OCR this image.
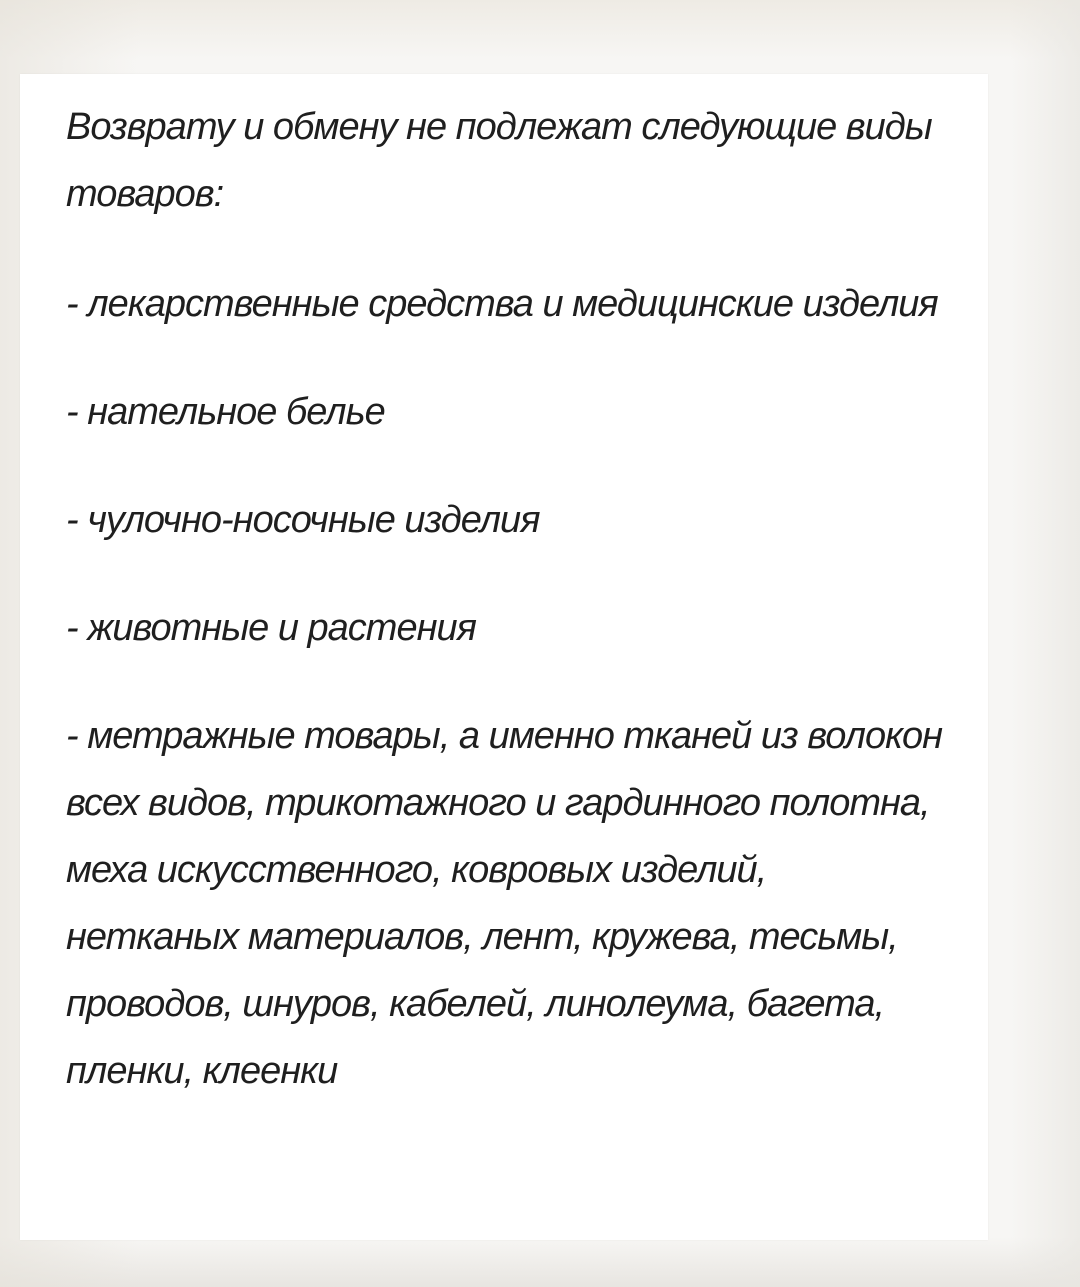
Возврату и обмену не подлежат следующие виды товаров:

- лекарственные средства и медицинские изделия

- нательное белье

- чулочно-носочные изделия

- животные и растения

- метражные товары, а именно тканей из волокон всех видов, трикотажного и гардинного полотна, меха искусственного, ковровых изделий, нетканых материалов, лент, кружева, тесьмы, проводов, шнуров, кабелей, линолеума, багета, пленки, клеенки
